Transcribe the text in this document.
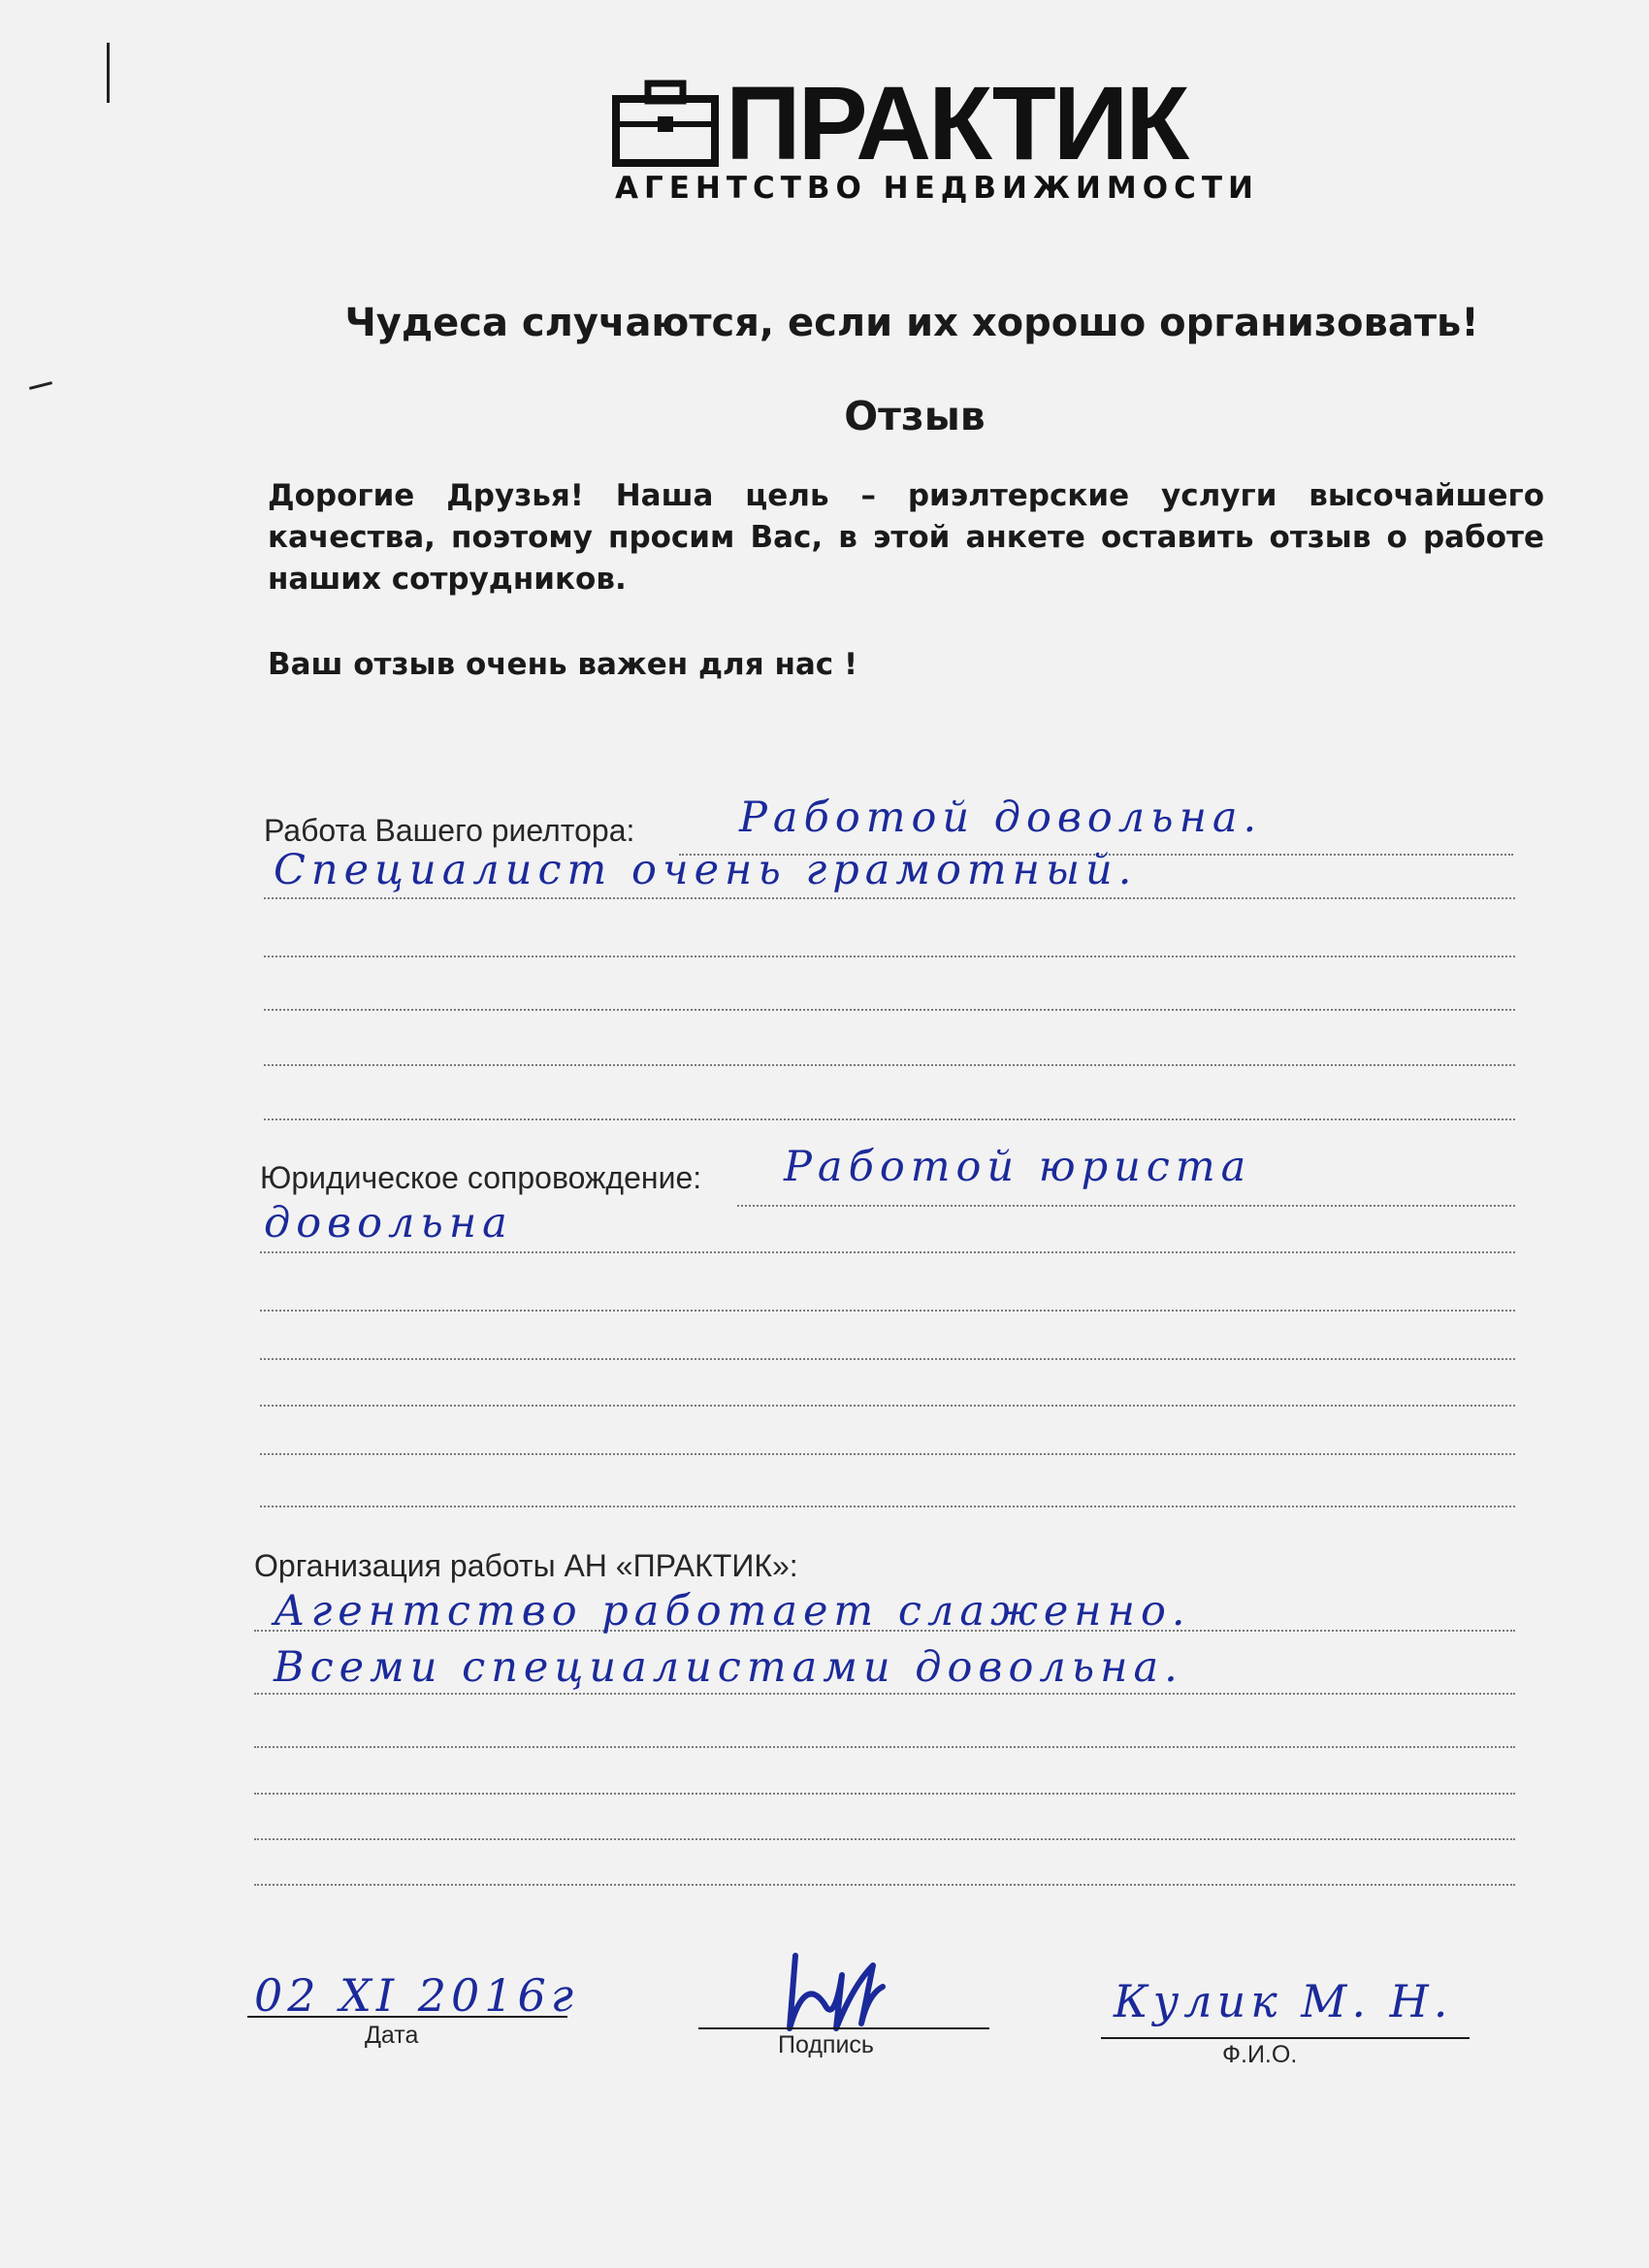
ПРАКТИК
АГЕНТСТВО НЕДВИЖИМОСТИ
Чудеса случаются, если их хорошо организовать!
Отзыв
Дорогие Друзья! Наша цель – риэлтерские услуги высочайшего качества, поэтому просим Вас, в этой анкете оставить отзыв о работе наших сотрудников.
Ваш отзыв очень важен для нас !
Работа Вашего риелтора:	Работой довольна.
Специалист очень грамотный.
Юридическое сопровождение: Работой юриста
довольна
Организация работы АН «ПРАКТИК»:
Агентство работает слаженно.
Всеми специалистами довольна.
02 XI 2016г
Дата	Подпись
Кулик М. Н.
Ф.И.О.
